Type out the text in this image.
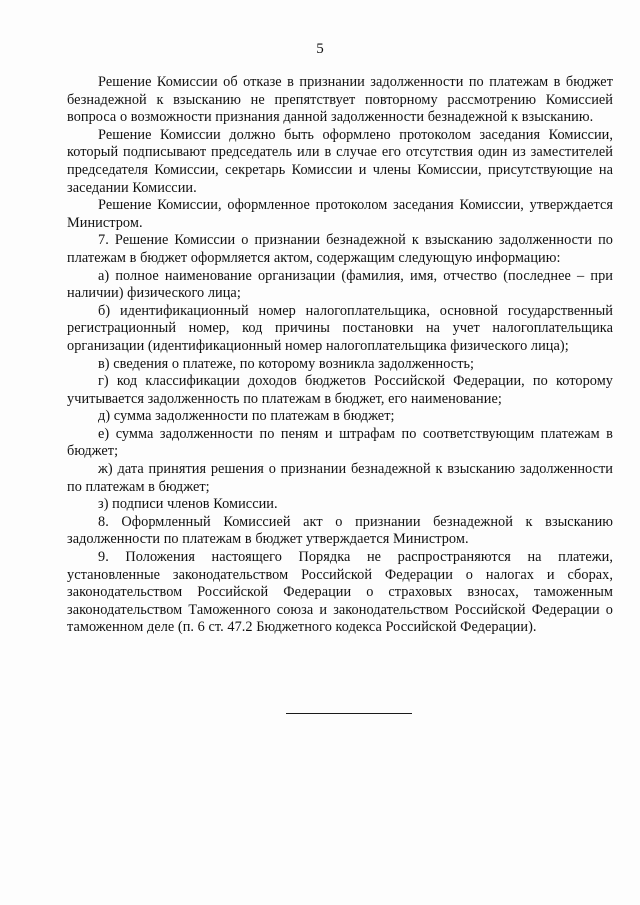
5

Решение Комиссии об отказе в признании задолженности по платежам в бюджет безнадежной к взысканию не препятствует повторному рассмотрению Комиссией вопроса о возможности признания данной задолженности безнадежной к взысканию.

Решение Комиссии должно быть оформлено протоколом заседания Комиссии, который подписывают председатель или в случае его отсутствия один из заместителей председателя Комиссии, секретарь Комиссии и члены Комиссии, присутствующие на заседании Комиссии.

Решение Комиссии, оформленное протоколом заседания Комиссии, утверждается Министром.

7. Решение Комиссии о признании безнадежной к взысканию задолженности по платежам в бюджет оформляется актом, содержащим следующую информацию:

а) полное наименование организации (фамилия, имя, отчество (последнее – при наличии) физического лица;

б) идентификационный номер налогоплательщика, основной государственный регистрационный номер, код причины постановки на учет налогоплательщика организации (идентификационный номер налогоплательщика физического лица);

в) сведения о платеже, по которому возникла задолженность;

г) код классификации доходов бюджетов Российской Федерации, по которому учитывается задолженность по платежам в бюджет, его наименование;

д) сумма задолженности по платежам в бюджет;

е) сумма задолженности по пеням и штрафам по соответствующим платежам в бюджет;

ж) дата принятия решения о признании безнадежной к взысканию задолженности по платежам в бюджет;

з) подписи членов Комиссии.

8. Оформленный Комиссией акт о признании безнадежной к взысканию задолженности по платежам в бюджет утверждается Министром.

9. Положения настоящего Порядка не распространяются на платежи, установленные законодательством Российской Федерации о налогах и сборах, законодательством Российской Федерации о страховых взносах, таможенным законодательством Таможенного союза и законодательством Российской Федерации о таможенном деле (п. 6 ст. 47.2 Бюджетного кодекса Российской Федерации).
